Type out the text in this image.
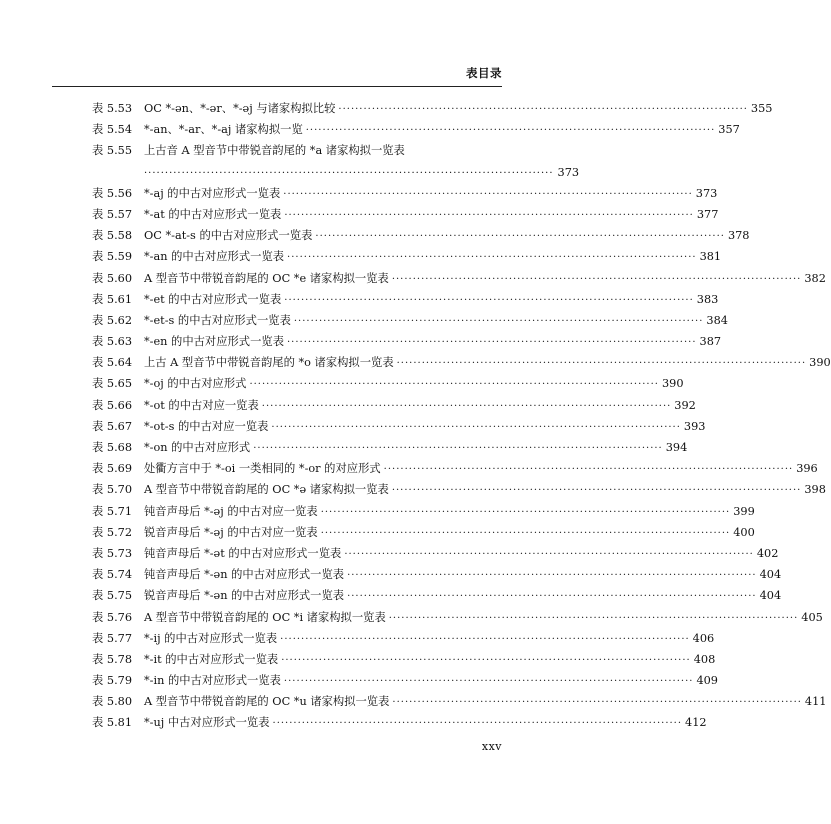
表目录
表 5.53	OC *-ən、*-ər、*-əj 与诸家构拟比较 ·································································································· 355
表 5.54	*-an、*-ar、*-aj 诸家构拟一览 ·································································································· 357
表 5.55	上古音 A 型音节中带锐音韵尾的 *a 诸家构拟一览表
·································································································· 373
表 5.56	*-aj 的中古对应形式一览表 ·································································································· 373
表 5.57	*-at 的中古对应形式一览表 ·································································································· 377
表 5.58	OC *-at-s 的中古对应形式一览表 ·································································································· 378
表 5.59	*-an 的中古对应形式一览表 ·································································································· 381
表 5.60	A 型音节中带锐音韵尾的 OC *e 诸家构拟一览表 ·································································································· 382
表 5.61	*-et 的中古对应形式一览表 ·································································································· 383
表 5.62	*-et-s 的中古对应形式一览表 ·································································································· 384
表 5.63	*-en 的中古对应形式一览表 ·································································································· 387
表 5.64	上古 A 型音节中带锐音韵尾的 *o 诸家构拟一览表 ·································································································· 390
表 5.65	*-oj 的中古对应形式 ·································································································· 390
表 5.66	*-ot 的中古对应一览表 ·································································································· 392
表 5.67	*-ot-s 的中古对应一览表 ·································································································· 393
表 5.68	*-on 的中古对应形式 ·································································································· 394
表 5.69	处衢方言中于 *-oi 一类相同的 *-or 的对应形式 ·································································································· 396
表 5.70	A 型音节中带锐音韵尾的 OC *ə 诸家构拟一览表 ·································································································· 398
表 5.71	钝音声母后 *-əj 的中古对应一览表 ·································································································· 399
表 5.72	锐音声母后 *-əj 的中古对应一览表 ·································································································· 400
表 5.73	钝音声母后 *-ət 的中古对应形式一览表 ·································································································· 402
表 5.74	钝音声母后 *-ən 的中古对应形式一览表 ·································································································· 404
表 5.75	锐音声母后 *-ən 的中古对应形式一览表 ·································································································· 404
表 5.76	A 型音节中带锐音韵尾的 OC *i 诸家构拟一览表 ·································································································· 405
表 5.77	*-ij 的中古对应形式一览表 ·································································································· 406
表 5.78	*-it 的中古对应形式一览表 ·································································································· 408
表 5.79	*-in 的中古对应形式一览表 ·································································································· 409
表 5.80	A 型音节中带锐音韵尾的 OC *u 诸家构拟一览表 ·································································································· 411
表 5.81	*-uj 中古对应形式一览表 ·································································································· 412
xxv
